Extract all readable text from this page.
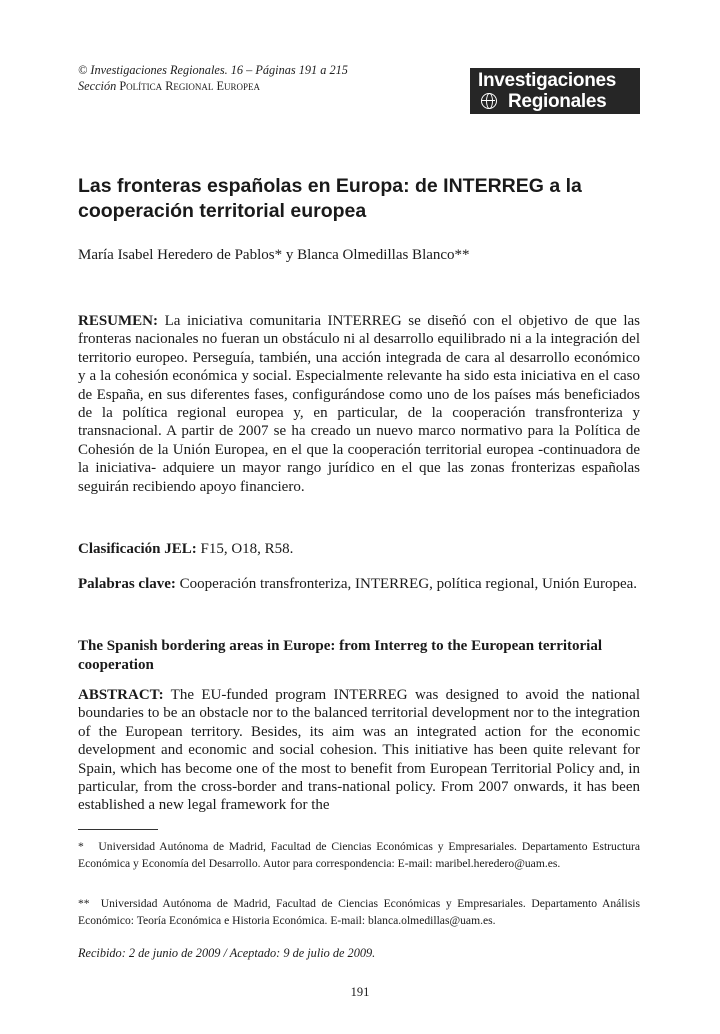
© Investigaciones Regionales. 16 – Páginas 191 a 215
Sección Política Regional Europea	Investigaciones
Regionales
Las fronteras españolas en Europa: de INTERREG a la cooperación territorial europea
María Isabel Heredero de Pablos* y Blanca Olmedillas Blanco**

RESUMEN: La iniciativa comunitaria INTERREG se diseñó con el objetivo de que las fronteras nacionales no fueran un obstáculo ni al desarrollo equilibrado ni a la integración del territorio europeo. Perseguía, también, una acción integrada de cara al desarrollo económico y a la cohesión económica y social. Especialmente relevante ha sido esta iniciativa en el caso de España, en sus diferentes fases, configurándose como uno de los países más beneficiados de la política regional europea y, en particular, de la cooperación transfronteriza y transnacional. A partir de 2007 se ha creado un nuevo marco normativo para la Política de Cohesión de la Unión Europea, en el que la cooperación territorial europea -continuadora de la iniciativa- adquiere un mayor rango jurídico en el que las zonas fronterizas españolas seguirán recibiendo apoyo financiero.

Clasificación JEL: F15, O18, R58.

Palabras clave: Cooperación transfronteriza, INTERREG, política regional, Unión Europea.

The Spanish bordering areas in Europe: from Interreg to the European territorial cooperation

ABSTRACT: The EU-funded program INTERREG was designed to avoid the national boundaries to be an obstacle nor to the balanced territorial development nor to the integration of the European territory. Besides, its aim was an integrated action for the economic development and economic and social cohesion. This initiative has been quite relevant for Spain, which has become one of the most to benefit from European Territorial Policy and, in particular, from the cross-border and trans-national policy. From 2007 onwards, it has been established a new legal framework for the

* Universidad Autónoma de Madrid, Facultad de Ciencias Económicas y Empresariales. Departamento Estructura Económica y Economía del Desarrollo. Autor para correspondencia: E-mail: maribel.heredero@uam.es.
** Universidad Autónoma de Madrid, Facultad de Ciencias Económicas y Empresariales. Departamento Análisis Económico: Teoría Económica e Historia Económica. E-mail: blanca.olmedillas@uam.es.
Recibido: 2 de junio de 2009 / Aceptado: 9 de julio de 2009.
191
